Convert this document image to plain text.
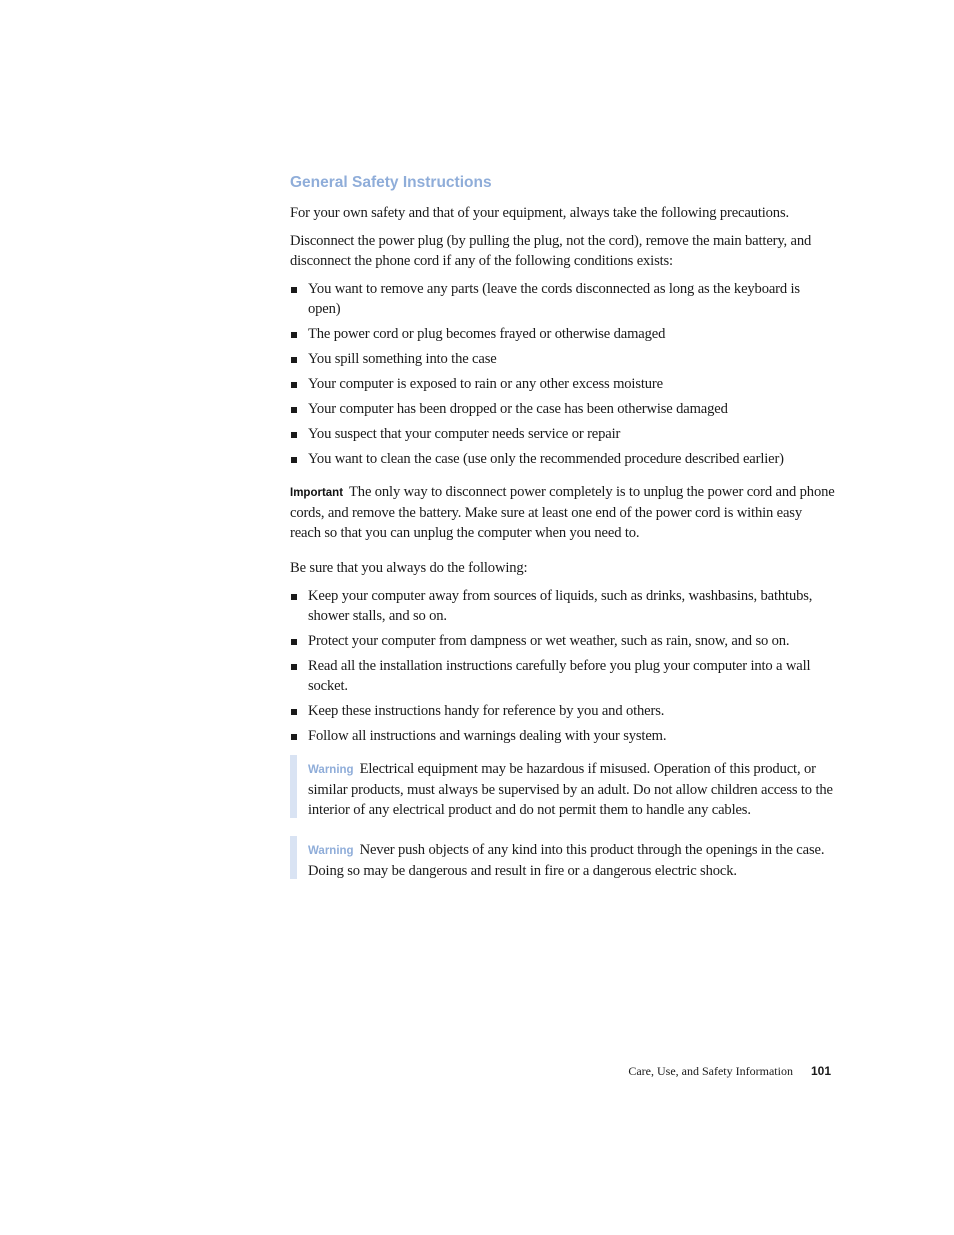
General Safety Instructions

For your own safety and that of your equipment, always take the following precautions.

Disconnect the power plug (by pulling the plug, not the cord), remove the main battery, and disconnect the phone cord if any of the following conditions exists:

You want to remove any parts (leave the cords disconnected as long as the keyboard is open)
The power cord or plug becomes frayed or otherwise damaged
You spill something into the case
Your computer is exposed to rain or any other excess moisture
Your computer has been dropped or the case has been otherwise damaged
You suspect that your computer needs service or repair
You want to clean the case (use only the recommended procedure described earlier)

Important The only way to disconnect power completely is to unplug the power cord and phone cords, and remove the battery. Make sure at least one end of the power cord is within easy reach so that you can unplug the computer when you need to.

Be sure that you always do the following:

Keep your computer away from sources of liquids, such as drinks, washbasins, bathtubs, shower stalls, and so on.
Protect your computer from dampness or wet weather, such as rain, snow, and so on.
Read all the installation instructions carefully before you plug your computer into a wall socket.
Keep these instructions handy for reference by you and others.
Follow all instructions and warnings dealing with your system.
Warning Electrical equipment may be hazardous if misused. Operation of this product, or similar products, must always be supervised by an adult. Do not allow children access to the interior of any electrical product and do not permit them to handle any cables.
Warning Never push objects of any kind into this product through the openings in the case. Doing so may be dangerous and result in fire or a dangerous electric shock.
Care, Use, and Safety Information 101
